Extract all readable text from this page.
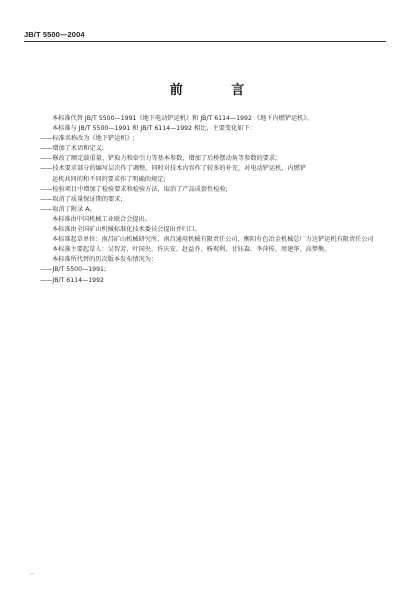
JB/T 5500—2004
前 言
本标准代替 JB/T 5500—1991《地下电动铲运机》和 JB/T 6114—1992 《地下内燃铲运机》。
本标准与 JB/T 5500—1991 和 JB/T 6114—1992 相比，主要变化如下：
——标准名称改为《地下铲运机》;
——增加了术语和定义;
——修改了额定载重量、铲取力和牵引力等基本参数，增加了后桥摆动角等参数的要求;
——技术要求部分的编写层次作了调整，同时对技术内容作了较多的补充，对电动铲运机、内燃铲
运机共同的和不同的要求作了明确的规定;
——检验项目中增加了检验要求和检验方法，取消了产品成套性检验;
——取消了质量保证期的要求;
——取消了附录 A。
本标准由中国机械工业联合会提出。
本标准由全国矿山机械标准化技术委员会提出并归口。
本标准起草单位：南昌矿山机械研究所、南昌通用机械有限责任公司、衡阳有色冶金机械总厂力达铲运机有限责任公司
本标准主要起草人：吴智芳、叶国央、许庆安、赵益乔、杨观利、甘钰森、李萍传、周建华、高梦熊。
本标准所代替的历次版本发布情况为：
——JB/T 5500—1991;
——JB/T 6114—1992
··
